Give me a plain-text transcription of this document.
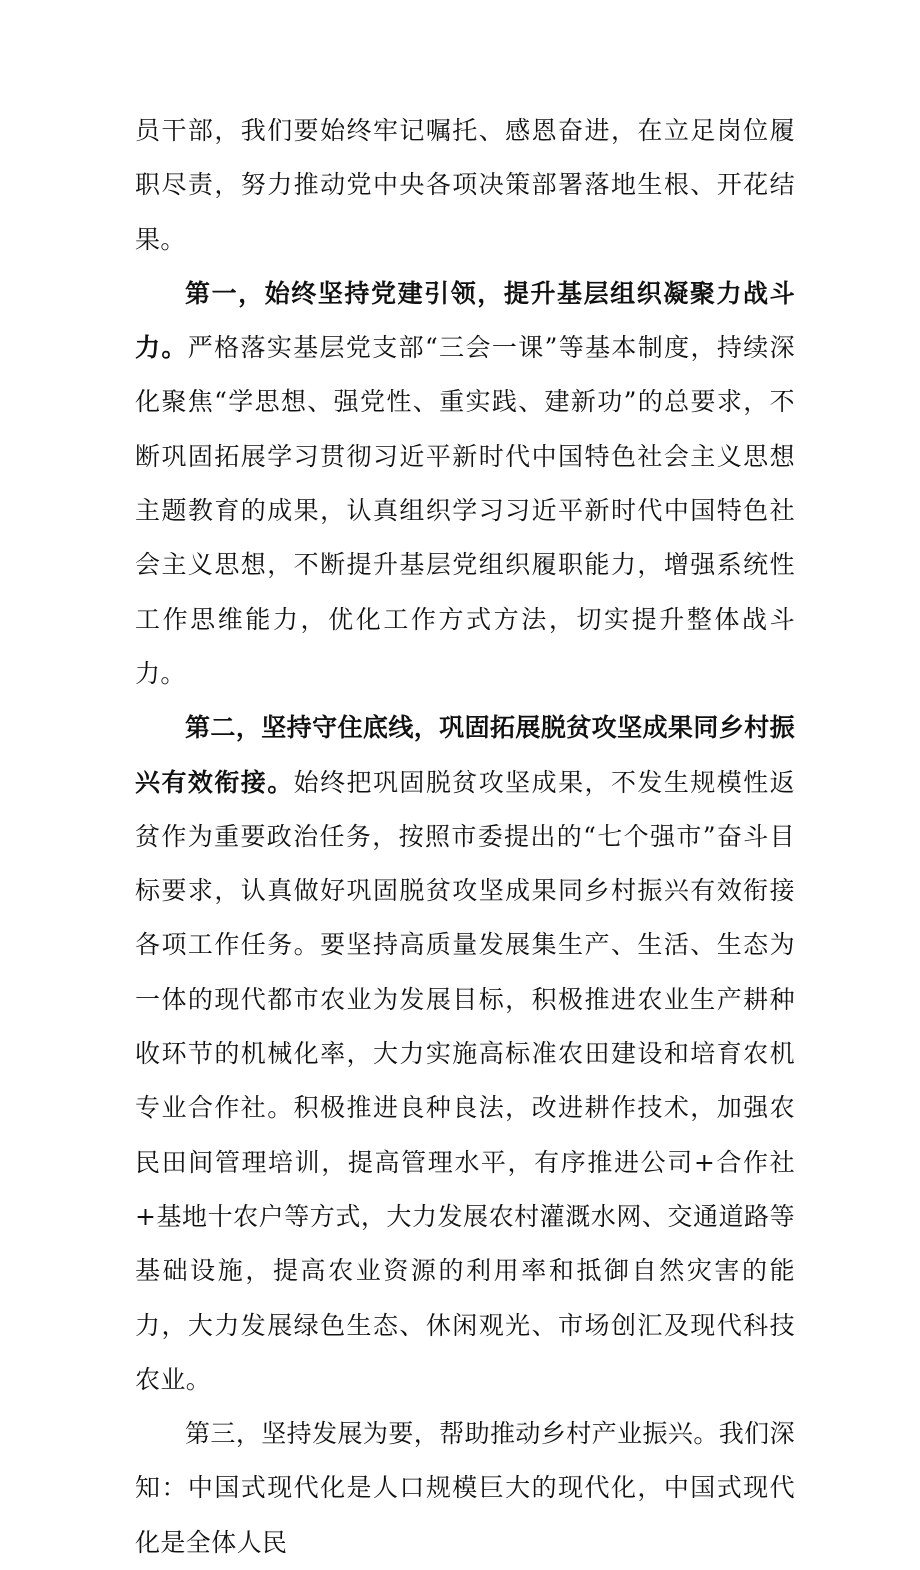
员干部，我们要始终牢记嘱托、感恩奋进，在立足岗位履职尽责，努力推动党中央各项决策部署落地生根、开花结果。

第一，始终坚持党建引领，提升基层组织凝聚力战斗力。严格落实基层党支部“三会一课”等基本制度，持续深化聚焦“学思想、强党性、重实践、建新功”的总要求，不断巩固拓展学习贯彻习近平新时代中国特色社会主义思想主题教育的成果，认真组织学习习近平新时代中国特色社会主义思想，不断提升基层党组织履职能力，增强系统性工作思维能力，优化工作方式方法，切实提升整体战斗力。

第二，坚持守住底线，巩固拓展脱贫攻坚成果同乡村振兴有效衔接。始终把巩固脱贫攻坚成果，不发生规模性返贫作为重要政治任务，按照市委提出的“七个强市”奋斗目标要求，认真做好巩固脱贫攻坚成果同乡村振兴有效衔接各项工作任务。要坚持高质量发展集生产、生活、生态为一体的现代都市农业为发展目标，积极推进农业生产耕种收环节的机械化率，大力实施高标准农田建设和培育农机专业合作社。积极推进良种良法，改进耕作技术，加强农民田间管理培训，提高管理水平，有序推进公司+合作社+基地十农户等方式，大力发展农村灌溉水网、交通道路等基础设施，提高农业资源的利用率和抵御自然灾害的能力，大力发展绿色生态、休闲观光、市场创汇及现代科技农业。

第三，坚持发展为要，帮助推动乡村产业振兴。我们深知：中国式现代化是人口规模巨大的现代化，中国式现代化是全体人民
